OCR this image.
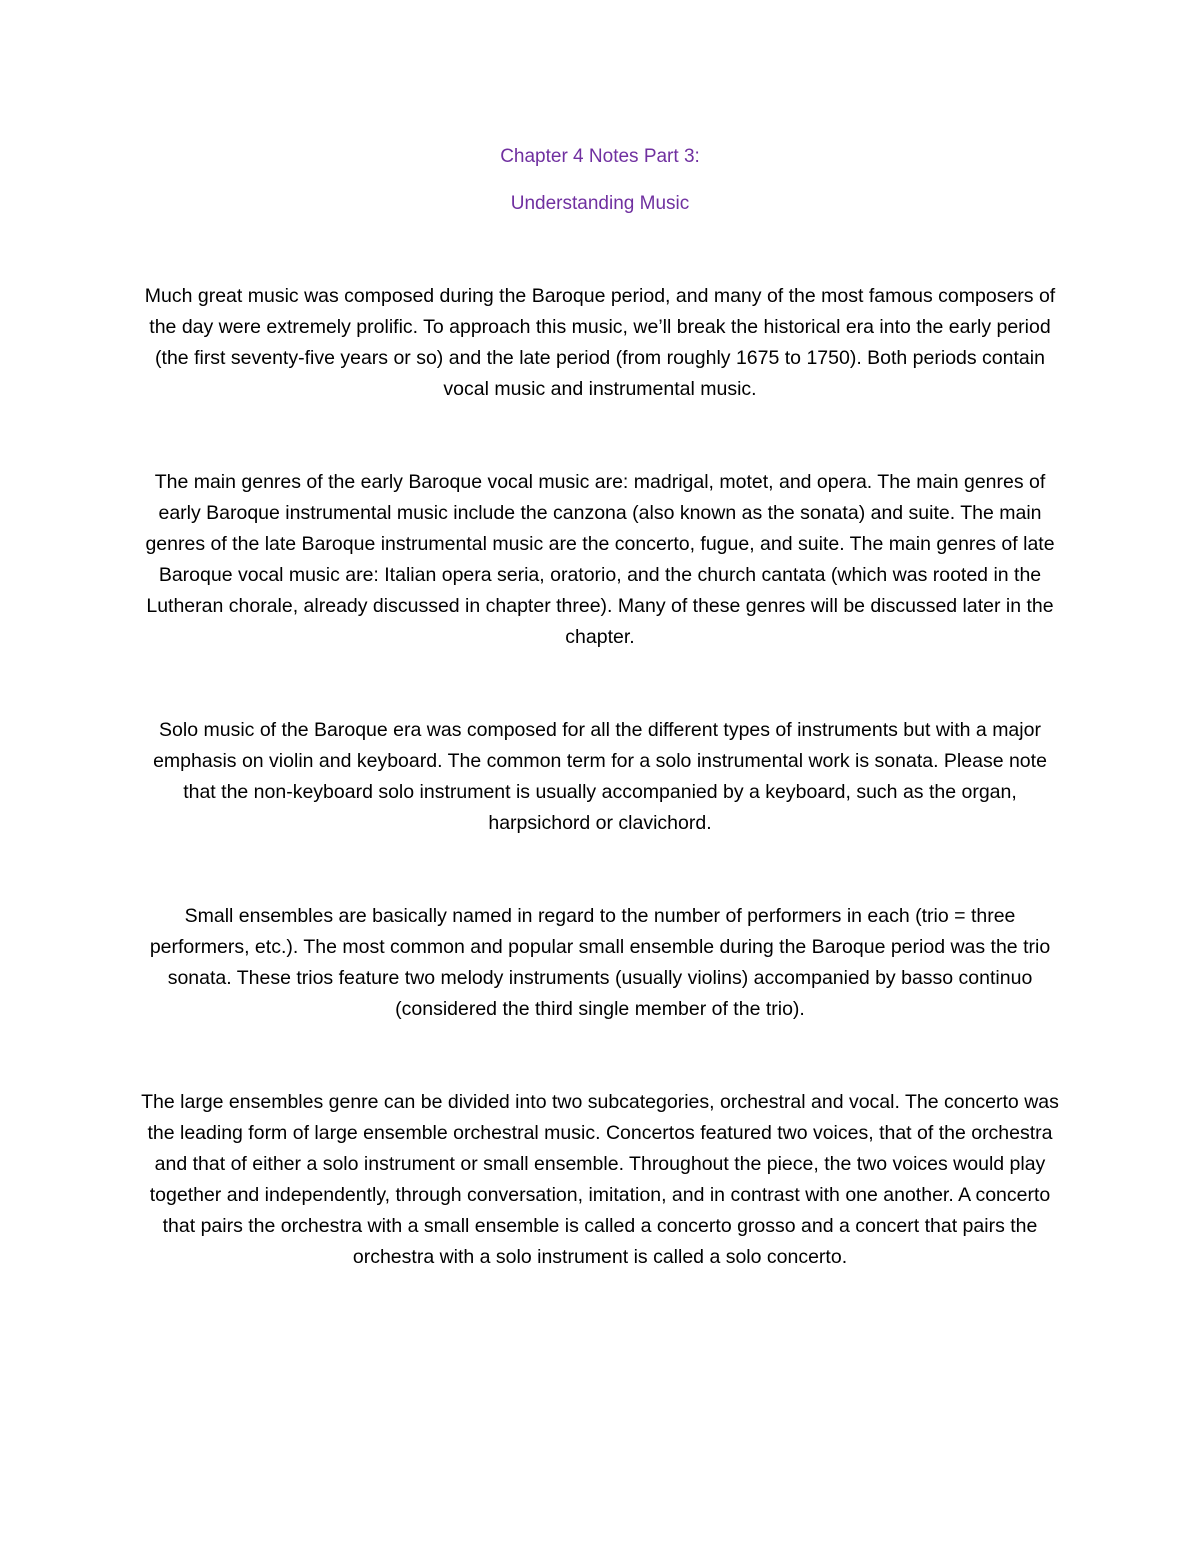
Chapter 4 Notes Part 3:
Understanding Music

Much great music was composed during the Baroque period, and many of the most famous composers of the day were extremely prolific. To approach this music, we’ll break the historical era into the early period (the first seventy-five years or so) and the late period (from roughly 1675 to 1750). Both periods contain vocal music and instrumental music.

The main genres of the early Baroque vocal music are: madrigal, motet, and opera. The main genres of early Baroque instrumental music include the canzona (also known as the sonata) and suite. The main genres of the late Baroque instrumental music are the concerto, fugue, and suite. The main genres of late Baroque vocal music are: Italian opera seria, oratorio, and the church cantata (which was rooted in the Lutheran chorale, already discussed in chapter three). Many of these genres will be discussed later in the chapter.

Solo music of the Baroque era was composed for all the different types of instruments but with a major emphasis on violin and keyboard. The common term for a solo instrumental work is sonata. Please note that the non-keyboard solo instrument is usually accompanied by a keyboard, such as the organ, harpsichord or clavichord.

Small ensembles are basically named in regard to the number of performers in each (trio = three performers, etc.). The most common and popular small ensemble during the Baroque period was the trio sonata. These trios feature two melody instruments (usually violins) accompanied by basso continuo (considered the third single member of the trio).

The large ensembles genre can be divided into two subcategories, orchestral and vocal. The concerto was the leading form of large ensemble orchestral music. Concertos featured two voices, that of the orchestra and that of either a solo instrument or small ensemble. Throughout the piece, the two voices would play together and independently, through conversation, imitation, and in contrast with one another. A concerto that pairs the orchestra with a small ensemble is called a concerto grosso and a concert that pairs the orchestra with a solo instrument is called a solo concerto.
